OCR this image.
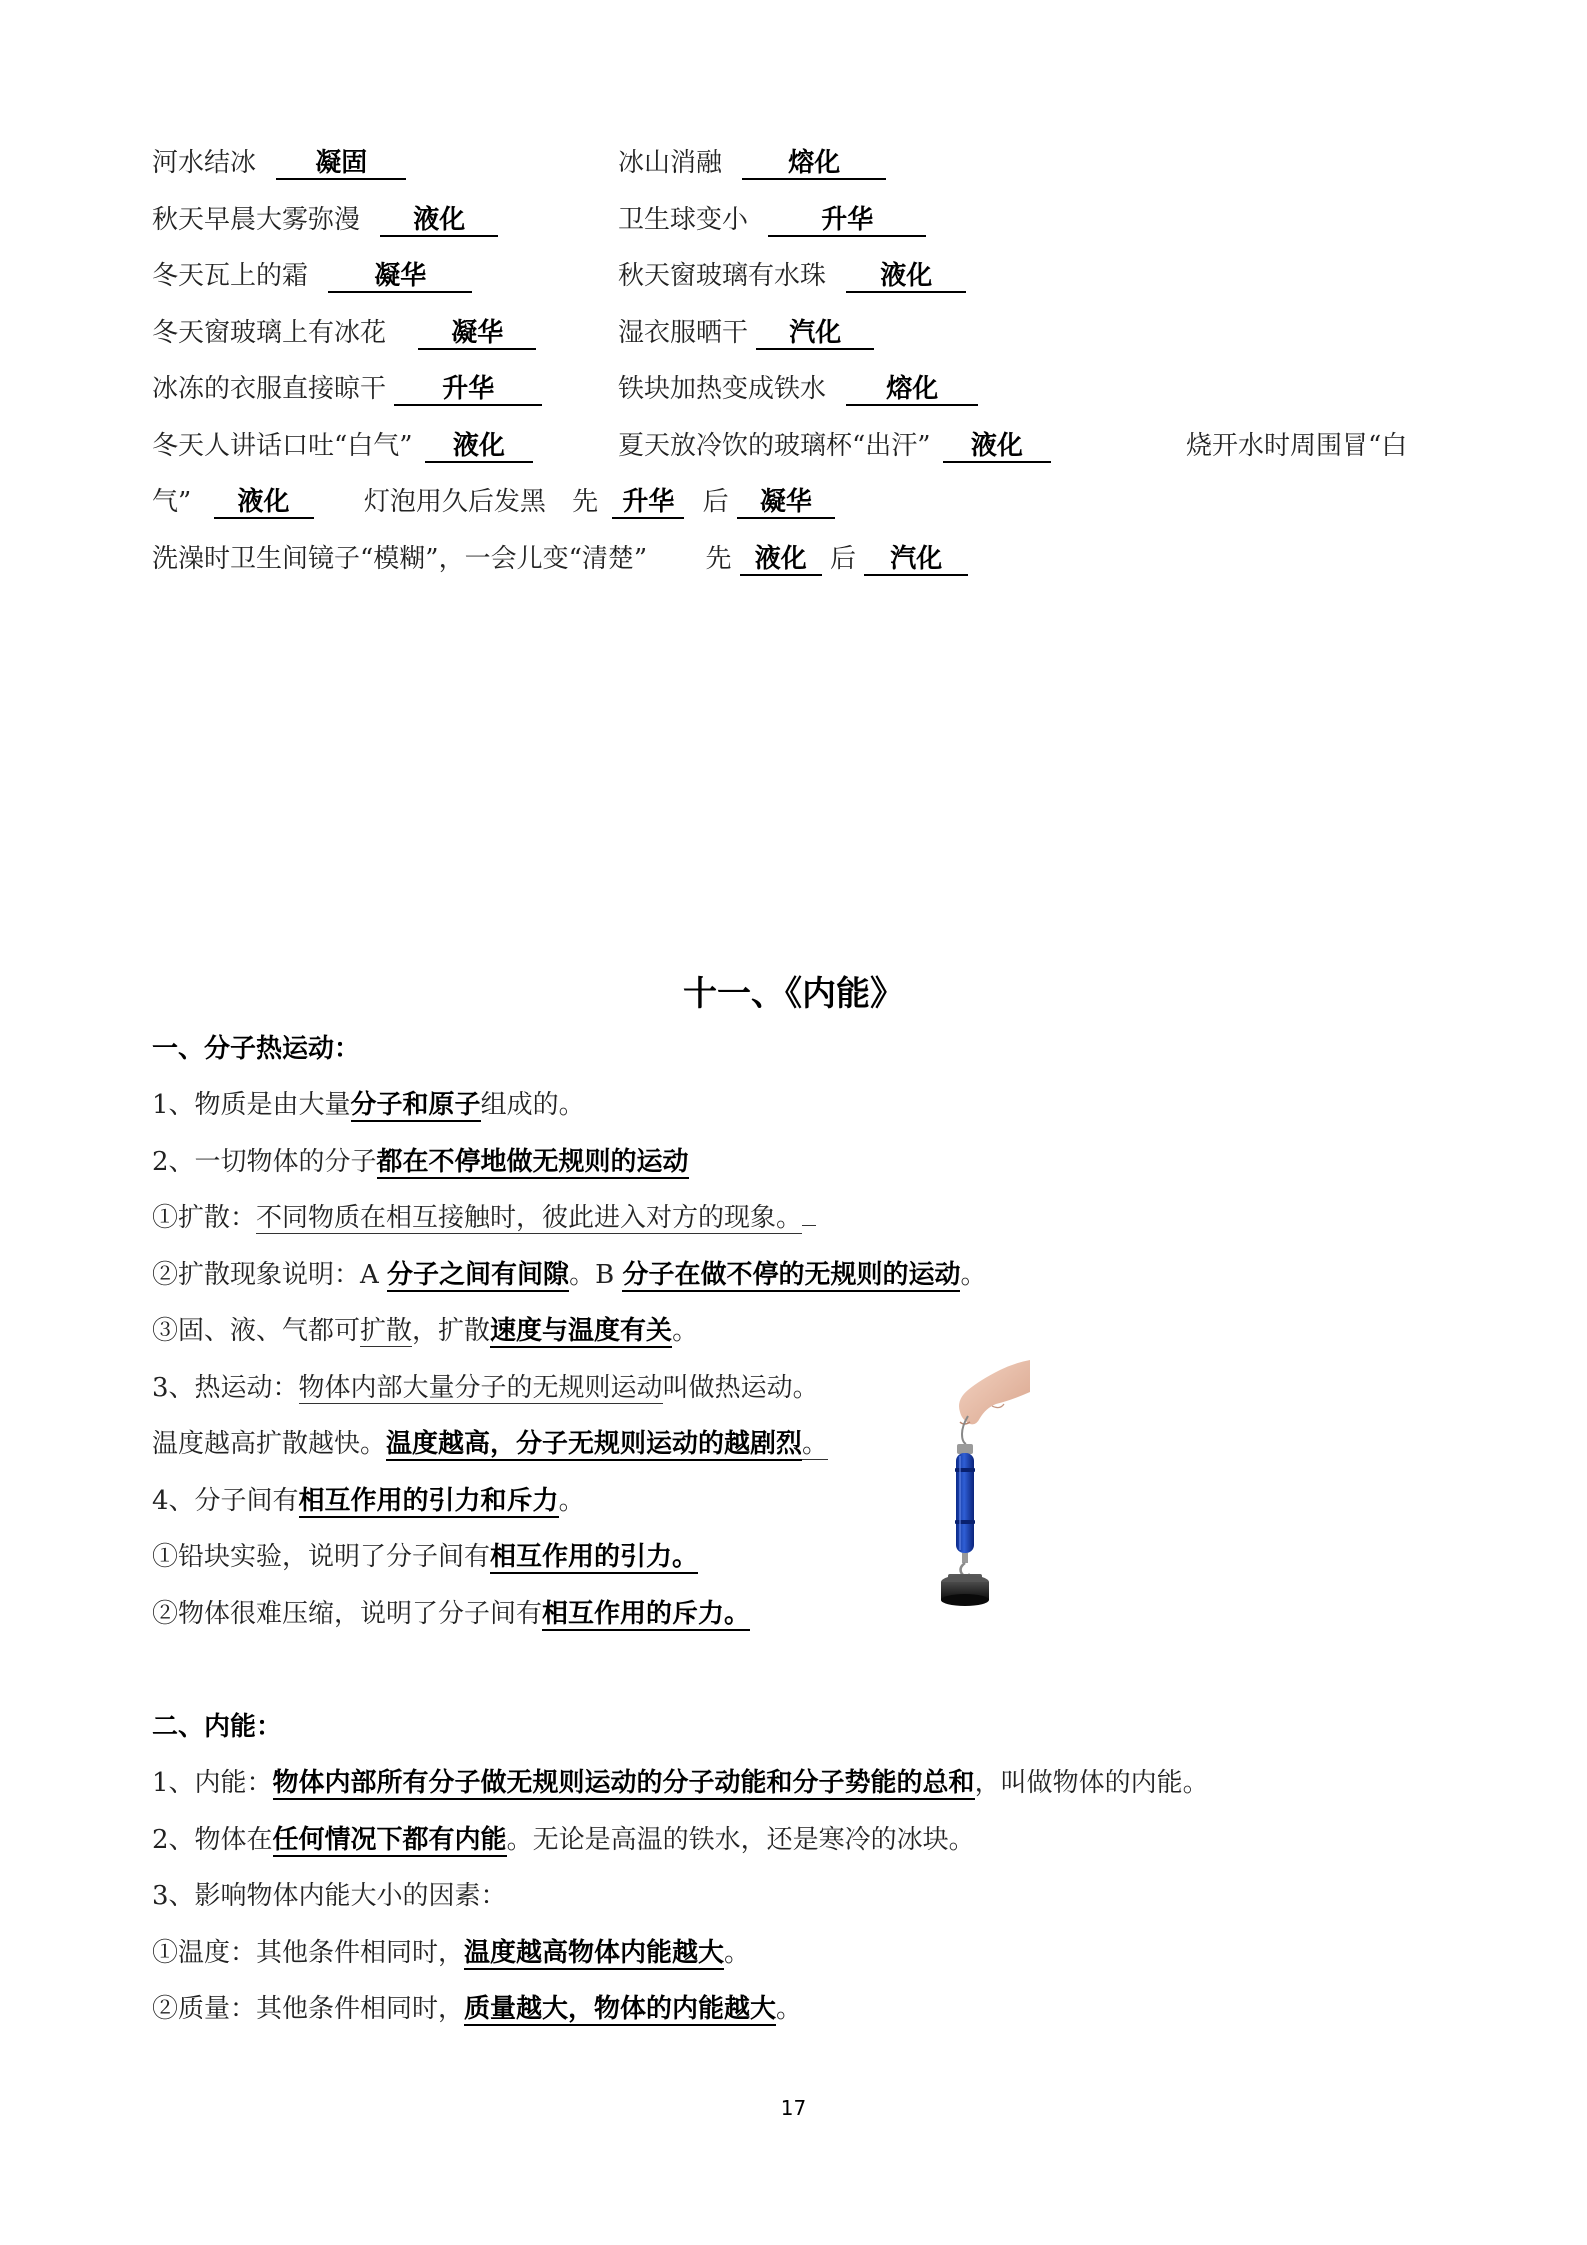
河水结冰 凝固	冰山消融	熔化
秋天早晨大雾弥漫 液化	卫生球变小	升华
冬天瓦上的霜	凝华	秋天窗玻璃有水珠 液化
冬天窗玻璃上有冰花	凝华	湿衣服晒干 汽化
冰冻的衣服直接晾干 升华	铁块加热变成铁水 熔化
冬天人讲话口吐“白气” 液化	夏天放冷饮的玻璃杯“出汗” 液化	烧开水时周围冒“白
气” 液化	灯泡用久后发黑 先 升华 后 凝华
洗澡时卫生间镜子“模糊”，一会儿变“清楚” 先 液化 后 汽化
十一、《内能》
一、分子热运动：
1、物质是由大量分子和原子组成的。
2、一切物体的分子都在不停地做无规则的运动
①扩散：不同物质在相互接触时，彼此进入对方的现象。
②扩散现象说明：A 分子之间有间隙。B 分子在做不停的无规则的运动。
③固、液、气都可扩散，扩散速度与温度有关。
3、热运动：物体内部大量分子的无规则运动叫做热运动。
温度越高扩散越快。温度越高，分子无规则运动的越剧烈。
4、分子间有相互作用的引力和斥力。
①铅块实验，说明了分子间有相互作用的引力。
②物体很难压缩，说明了分子间有相互作用的斥力。
二、内能：
1、内能：物体内部所有分子做无规则运动的分子动能和分子势能的总和，叫做物体的内能。
2、物体在任何情况下都有内能。无论是高温的铁水，还是寒冷的冰块。
3、影响物体内能大小的因素：
①温度：其他条件相同时，温度越高物体内能越大。
②质量：其他条件相同时，质量越大，物体的内能越大。
17
